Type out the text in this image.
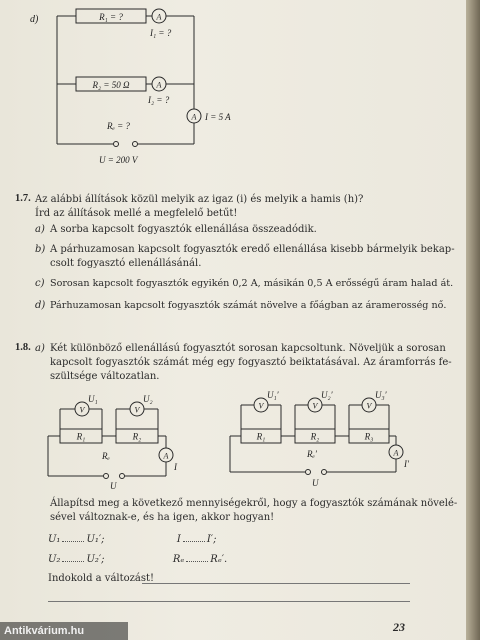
d)	R₁ = ?	A
I₁ = ?
R₂ = 50 Ω	A
I₂ = ?
A I = 5 A
Rₑ = ?
U = 200 V
1.7. Az alábbi állítások közül melyik az igaz (i) és melyik a hamis (h)?
Írd az állítások mellé a megfelelő betűt!
a) A sorba kapcsolt fogyasztók ellenállása összeadódik.
b) A párhuzamosan kapcsolt fogyasztók eredő ellenállása kisebb bármelyik bekap-
csolt fogyasztó ellenállásánál.
c) Sorosan kapcsolt fogyasztók egyikén 0,2 A, másikán 0,5 A erősségű áram halad át.
d) Párhuzamosan kapcsolt fogyasztók számát növelve a főágban az áramerosség nő.
1.8. a) Két különböző ellenállású fogyasztót sorosan kapcsoltunk. Növeljük a sorosan
kapcsolt fogyasztók számát még egy fogyasztó beiktatásával. Az áramforrás fe-
szültsége változatlan.
V	V
U₁	U₂
R₁	R₂
Rₑ	A
I
U
V	V	V
U₁′	U₂′	U₃′
R₁	R₂	R₃
Rₑ′	A
I′
U
Állapítsd meg a következő mennyiségekről, hogy a fogyasztók számának növelé-
sével változnak-e, és ha igen, akkor hogyan!
U₁	U₁′;	I	I′;
U₂	U₂′;	Rₑ	Rₑ′.
Indokold a változást!
23
Antikvárium.hu
